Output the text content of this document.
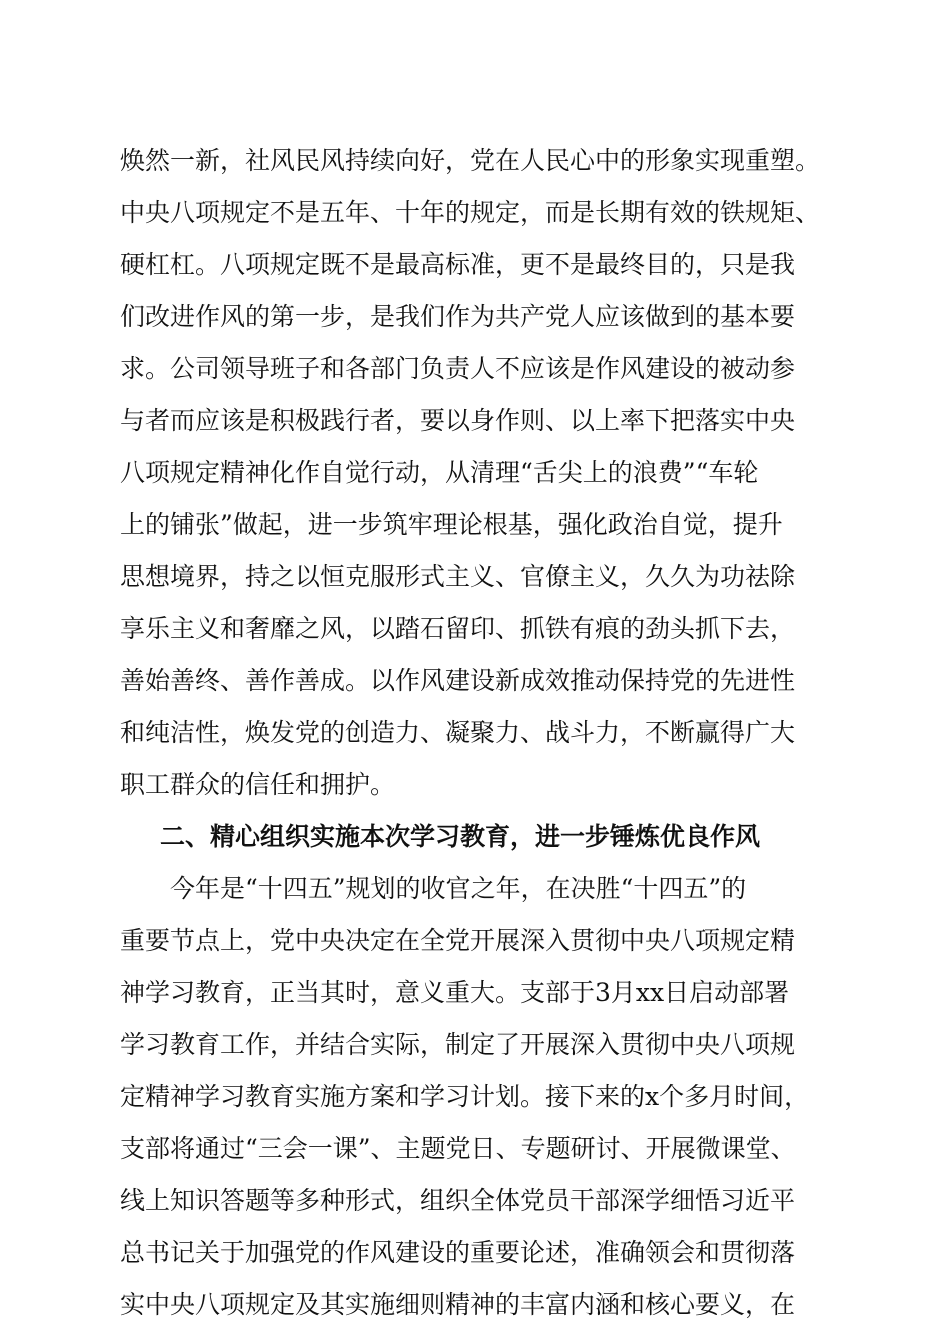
焕然一新，社风民风持续向好，党在人民心中的形象实现重塑。
中央八项规定不是五年、十年的规定，而是长期有效的铁规矩、
硬杠杠。八项规定既不是最高标准，更不是最终目的，只是我
们改进作风的第一步，是我们作为共产党人应该做到的基本要
求。公司领导班子和各部门负责人不应该是作风建设的被动参
与者而应该是积极践行者，要以身作则、以上率下把落实中央
八项规定精神化作自觉行动，从清理“舌尖上的浪费”“车轮
上的铺张”做起，进一步筑牢理论根基，强化政治自觉，提升
思想境界，持之以恒克服形式主义、官僚主义，久久为功祛除
享乐主义和奢靡之风，以踏石留印、抓铁有痕的劲头抓下去，
善始善终、善作善成。以作风建设新成效推动保持党的先进性
和纯洁性，焕发党的创造力、凝聚力、战斗力，不断赢得广大
职工群众的信任和拥护。
二、精心组织实施本次学习教育，进一步锤炼优良作风
今年是“十四五”规划的收官之年，在决胜“十四五”的
重要节点上，党中央决定在全党开展深入贯彻中央八项规定精
神学习教育，正当其时，意义重大。支部于3月xx日启动部署
学习教育工作，并结合实际，制定了开展深入贯彻中央八项规
定精神学习教育实施方案和学习计划。接下来的x个多月时间，
支部将通过“三会一课”、主题党日、专题研讨、开展微课堂、
线上知识答题等多种形式，组织全体党员干部深学细悟习近平
总书记关于加强党的作风建设的重要论述，准确领会和贯彻落
实中央八项规定及其实施细则精神的丰富内涵和核心要义，在
